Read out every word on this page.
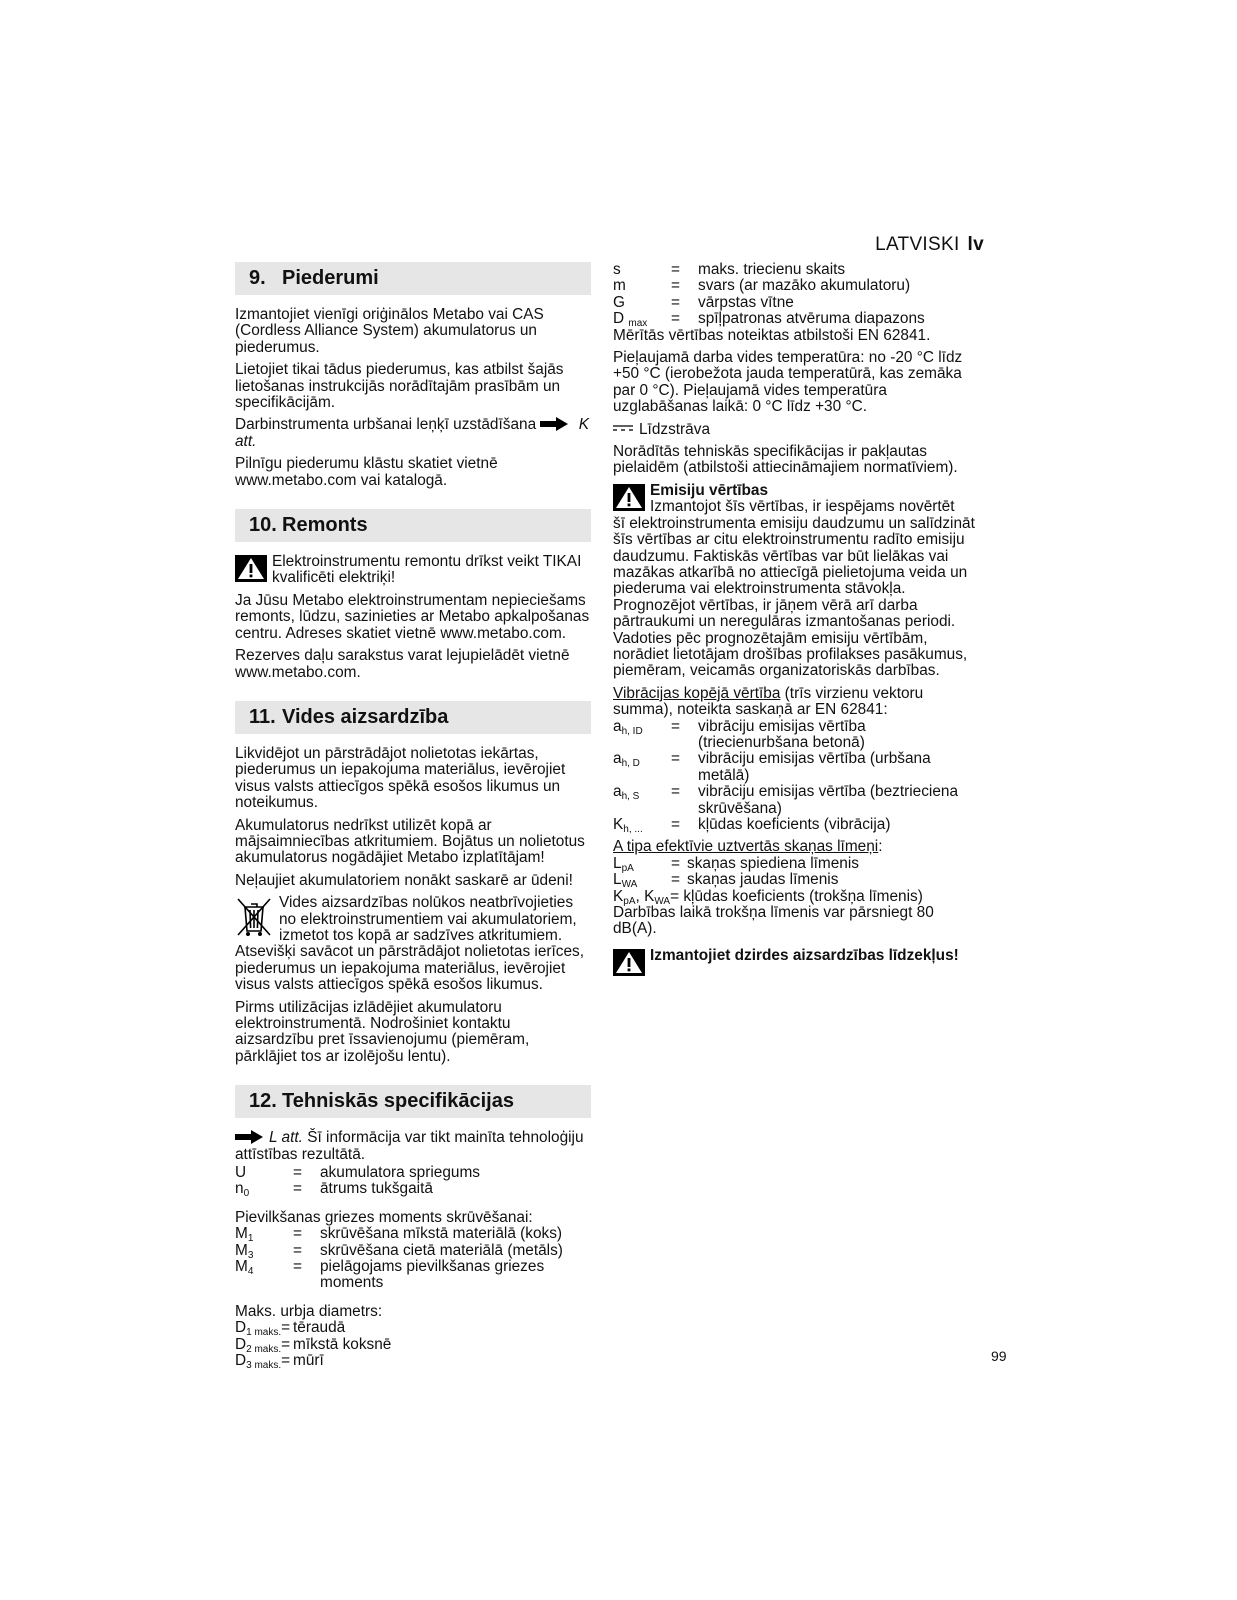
LATVISKI lv
9. Piederumi

Izmantojiet vienīgi oriģinālos Metabo vai CAS (Cordless Alliance System) akumulatorus un piederumus.

Lietojiet tikai tādus piederumus, kas atbilst šajās lietošanas instrukcijās norādītajām prasībām un specifikācijām.

Darbinstrumenta urbšanai leņķī uzstādīšana	K att.

Pilnīgu piederumu klāstu skatiet vietnē www.metabo.com vai katalogā.

10. Remonts
Elektroinstrumentu remontu drīkst veikt TIKAI kvalificēti elektriķi!

Ja Jūsu Metabo elektroinstrumentam nepieciešams remonts, lūdzu, sazinieties ar Metabo apkalpošanas centru. Adreses skatiet vietnē www.metabo.com.

Rezerves daļu sarakstus varat lejupielādēt vietnē www.metabo.com.

11. Vides aizsardzība

Likvidējot un pārstrādājot nolietotas iekārtas, piederumus un iepakojuma materiālus, ievērojiet visus valsts attiecīgos spēkā esošos likumus un noteikumus.

Akumulatorus nedrīkst utilizēt kopā ar mājsaimniecības atkritumiem. Bojātus un nolietotus akumulatorus nogādājiet Metabo izplatītājam!

Neļaujiet akumulatoriem nonākt saskarē ar ūdeni!

Vides aizsardzības nolūkos neatbrīvojieties no elektroinstrumentiem vai akumulatoriem, izmetot tos kopā ar sadzīves atkritumiem.

Atsevišķi savācot un pārstrādājot nolietotas ierīces, piederumus un iepakojuma materiālus, ievērojiet visus valsts attiecīgos spēkā esošos likumus.

Pirms utilizācijas izlādējiet akumulatoru elektroinstrumentā. Nodrošiniet kontaktu aizsardzību pret īssavienojumu (piemēram, pārklājiet tos ar izolējošu lentu).

12. Tehniskās specifikācijas

L att. Šī informācija var tikt mainīta tehnoloģiju attīstības rezultātā.

U	=	akumulatora spriegums
$n_0$	=	ātrums tukšgaitā
Pievilkšanas griezes moments skrūvēšanai:
$M_1$	=	skrūvēšana mīkstā materiālā (koks)
$M_3$	=	skrūvēšana cietā materiālā (metāls)
$M_4$	=	pielāgojams pievilkšanas griezes moments
Maks. urbja diametrs:
$D_{1 maks.}=$ tēraudā
$D_{2 maks.}=$ mīkstā koksnē
$D_{3 maks.}=$ mūrī
s	=	maks. triecienu skaits
m	=	svars (ar mazāko akumulatoru)
G	=	vārpstas vītne
D $_{max}$	=	spīļpatronas atvēruma diapazons

Mērītās vērtības noteiktas atbilstoši EN 62841.

Pieļaujamā darba vides temperatūra: no -20 °C līdz +50 °C (ierobežota jauda temperatūrā, kas zemāka par 0 °C). Pieļaujamā vides temperatūra uzglabāšanas laikā: 0 °C līdz +30 °C.

Līdzstrāva

Norādītās tehniskās specifikācijas ir pakļautas pielaidēm (atbilstoši attiecināmajiem normatīviem).

Emisiju vērtības
Izmantojot šīs vērtības, ir iespējams novērtēt

šī elektroinstrumenta emisiju daudzumu un salīdzināt šīs vērtības ar citu elektroinstrumentu radīto emisiju daudzumu. Faktiskās vērtības var būt lielākas vai mazākas atkarībā no attiecīgā pielietojuma veida un piederuma vai elektroinstrumenta stāvokļa. Prognozējot vērtības, ir jāņem vērā arī darba pārtraukumi un neregulāras izmantošanas periodi. Vadoties pēc prognozētajām emisiju vērtībām, norādiet lietotājam drošības profilakses pasākumus, piemēram, veicamās organizatoriskās darbības.

Vibrācijas kopējā vērtība (trīs virzienu vektoru summa), noteikta saskaņā ar EN 62841:

$a_{h, ID}$	=	vibrāciju emisijas vērtība (triecienurbšana betonā)
$a_{h, D}$	=	vibrāciju emisijas vērtība (urbšana metālā)
$a_{h, S}$	=	vibrāciju emisijas vērtība (beztrieciena skrūvēšana)
$K_{h, ...}$	=	kļūdas koeficients (vibrācija)
A tipa efektīvie uztvertās skaņas līmeņi:
$L_{pA}$	= skaņas spiediena līmenis
$L_{WA}$	= skaņas jaudas līmenis
$K_{pA}$, $K_{WA}=$ kļūdas koeficients (trokšņa līmenis)

Darbības laikā trokšņa līmenis var pārsniegt 80 dB(A).

Izmantojiet dzirdes aizsardzības līdzekļus!
99
